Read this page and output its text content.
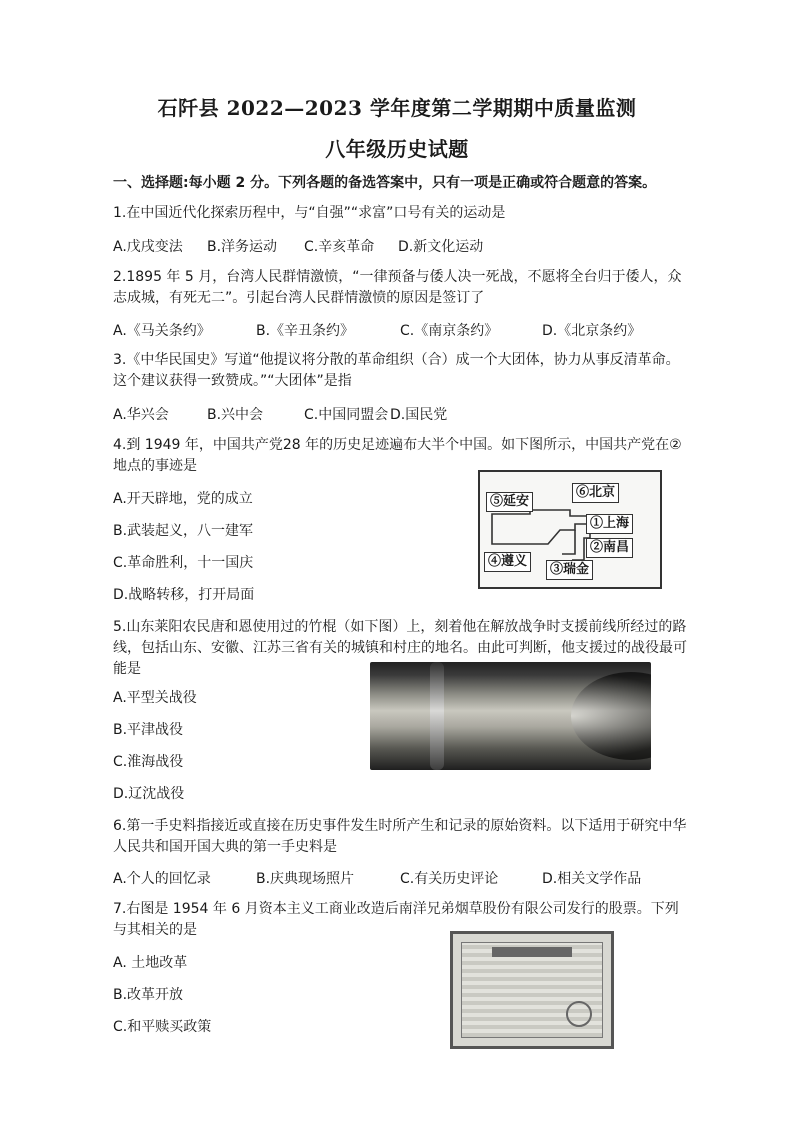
石阡县 2022—2023 学年度第二学期期中质量监测
八年级历史试题
一、选择题:每小题 2 分。下列各题的备选答案中，只有一项是正确或符合题意的答案。
1.在中国近代化探索历程中，与“自强”“求富”口号有关的运动是
A.戊戌变法 B.洋务运动 C.辛亥革命 D.新文化运动
2.1895 年 5 月，台湾人民群情激愤，“一律预备与倭人决一死战，不愿将全台归于倭人，众志成城，有死无二”。引起台湾人民群情激愤的原因是签订了
A.《马关条约》	B.《辛丑条约》	C.《南京条约》	D.《北京条约》
3.《中华民国史》写道“他提议将分散的革命组织（合）成一个大团体，协力从事反清革命。这个建议获得一致赞成。”“大团体”是指
A.华兴会	B.兴中会	C.中国同盟会 D.国民党
4.到 1949 年，中国共产党28 年的历史足迹遍布大半个中国。如下图所示，中国共产党在②地点的事迹是
A.开天辟地，党的成立
B.武装起义，八一建军
C.革命胜利，十一国庆
D.战略转移，打开局面
⑤延安
⑥北京
①上海
②南昌
④遵义
③瑞金
5.山东莱阳农民唐和恩使用过的竹棍（如下图）上，刻着他在解放战争时支援前线所经过的路线，包括山东、安徽、江苏三省有关的城镇和村庄的地名。由此可判断，他支援过的战役最可能是
A.平型关战役
B.平津战役
C.淮海战役
D.辽沈战役
6.第一手史料指接近或直接在历史事件发生时所产生和记录的原始资料。以下适用于研究中华人民共和国开国大典的第一手史料是
A.个人的回忆录	B.庆典现场照片	C.有关历史评论	D.相关文学作品
7.右图是 1954 年 6 月资本主义工商业改造后南洋兄弟烟草股份有限公司发行的股票。下列与其相关的是
A. 土地改革
B.改革开放
C.和平赎买政策
